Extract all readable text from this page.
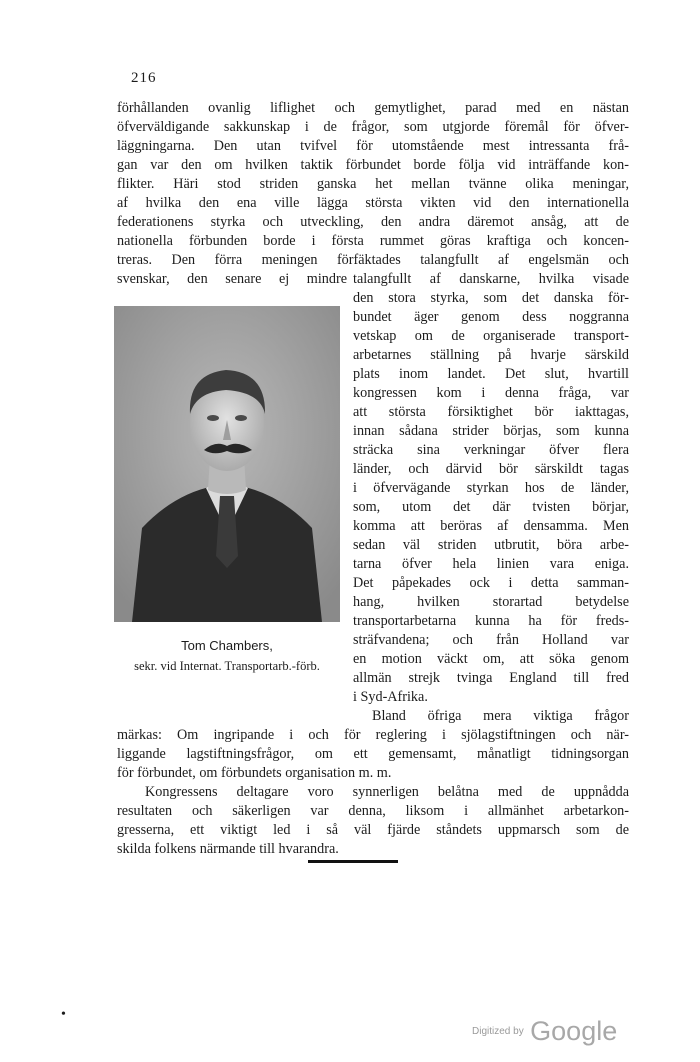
216
förhållanden ovanlig liflighet och gemytlighet, parad med en nästan
öfverväldigande sakkunskap i de frågor, som utgjorde föremål för öfver-
läggningarna. Den utan tvifvel för utomstående mest intressanta frå-
gan var den om hvilken taktik förbundet borde följa vid inträffande kon-
flikter. Häri stod striden ganska het mellan tvänne olika meningar,
af hvilka den ena ville lägga största vikten vid den internationella
federationens styrka och utveckling, den andra däremot ansåg, att de
nationella förbunden borde i första rummet göras kraftiga och koncen-
treras. Den förra meningen förfäktades talangfullt af engelsmän och
svenskar, den senare ej mindre talangfullt af danskarne, hvilka visade
den stora styrka, som det danska för-
bundet äger genom dess noggranna
vetskap om de organiserade transport-
arbetarnes ställning på hvarje särskild
plats inom landet. Det slut, hvartill
kongressen kom i denna fråga, var
att största försiktighet bör iakttagas,
innan sådana strider börjas, som kunna
sträcka sina verkningar öfver flera
länder, och därvid bör särskildt tagas
i öfvervägande styrkan hos de länder,
som, utom det där tvisten börjar,
komma att beröras af densamma. Men
sedan väl striden utbrutit, böra arbe-
tarna öfver hela linien vara eniga.
Det påpekades ock i detta samman-
hang, hvilken storartad betydelse
transportarbetarna kunna ha för freds-
sträfvandena; och från Holland var
en motion väckt om, att söka genom
allmän strejk tvinga England till fred
i Syd-Afrika.
Bland öfriga mera viktiga frågor
Tom Chambers,
sekr. vid Internat. Transportarb.-förb.
märkas: Om ingripande i och för reglering i sjölagstiftningen och när-
liggande lagstiftningsfrågor, om ett gemensamt, månatligt tidningsorgan
för förbundet, om förbundets organisation m. m.
Kongressens deltagare voro synnerligen belåtna med de uppnådda
resultaten och säkerligen var denna, liksom i allmänhet arbetarkon-
gresserna, ett viktigt led i så väl fjärde ståndets uppmarsch som de
skilda folkens närmande till hvarandra.
•
Digitized by Google
